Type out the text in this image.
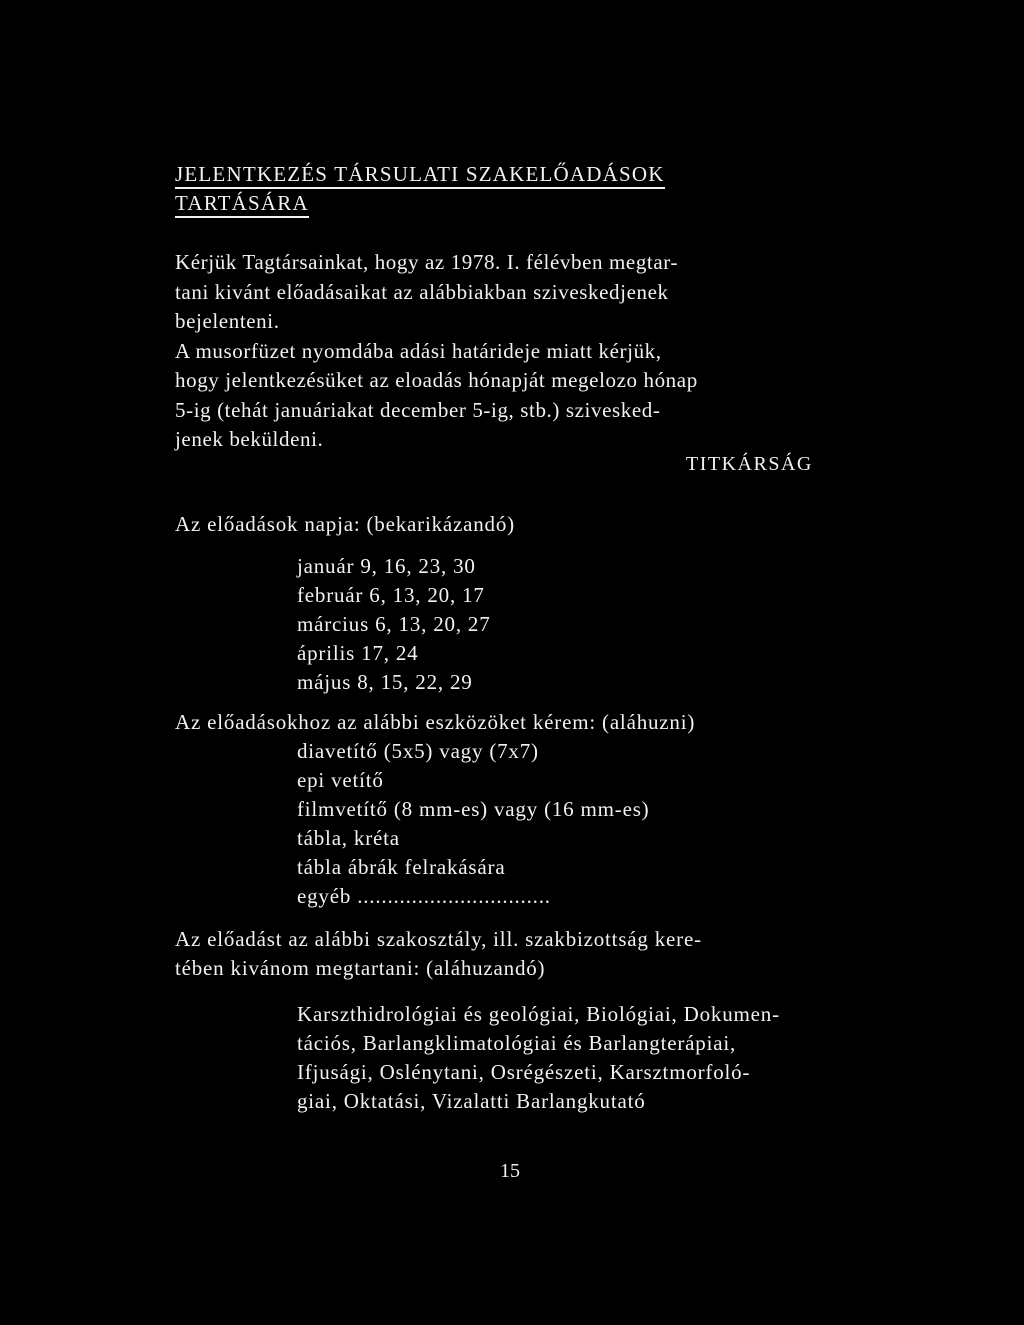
JELENTKEZÉS TÁRSULATI SZAKELŐADÁSOK
TARTÁSÁRA
Kérjük Tagtársainkat, hogy az 1978. I. félévben megtar-
tani kivánt előadásaikat az alábbiakban sziveskedjenek
bejelenteni.
A musorfüzet nyomdába adási határideje miatt kérjük,
hogy jelentkezésüket az eloadás hónapját megelozo hónap
5-ig (tehát januáriakat december 5-ig, stb.) szivesked-
jenek beküldeni.
TITKÁRSÁG
Az előadások napja: (bekarikázandó)
január 9, 16, 23, 30
február 6, 13, 20, 17
március 6, 13, 20, 27
április 17, 24
május 8, 15, 22, 29
Az előadásokhoz az alábbi eszközöket kérem: (aláhuzni)
diavetítő (5x5) vagy (7x7)
epi vetítő
filmvetítő (8 mm-es) vagy (16 mm-es)
tábla, kréta
tábla ábrák felrakására
egyéb ................................
Az előadást az alábbi szakosztály, ill. szakbizottság kere-
tében kivánom megtartani: (aláhuzandó)
Karszthidrológiai és geológiai, Biológiai, Dokumen-
tációs, Barlangklimatológiai és Barlangterápiai,
Ifjusági, Oslénytani, Osrégészeti, Karsztmorfoló-
giai, Oktatási, Vizalatti Barlangkutató
15
